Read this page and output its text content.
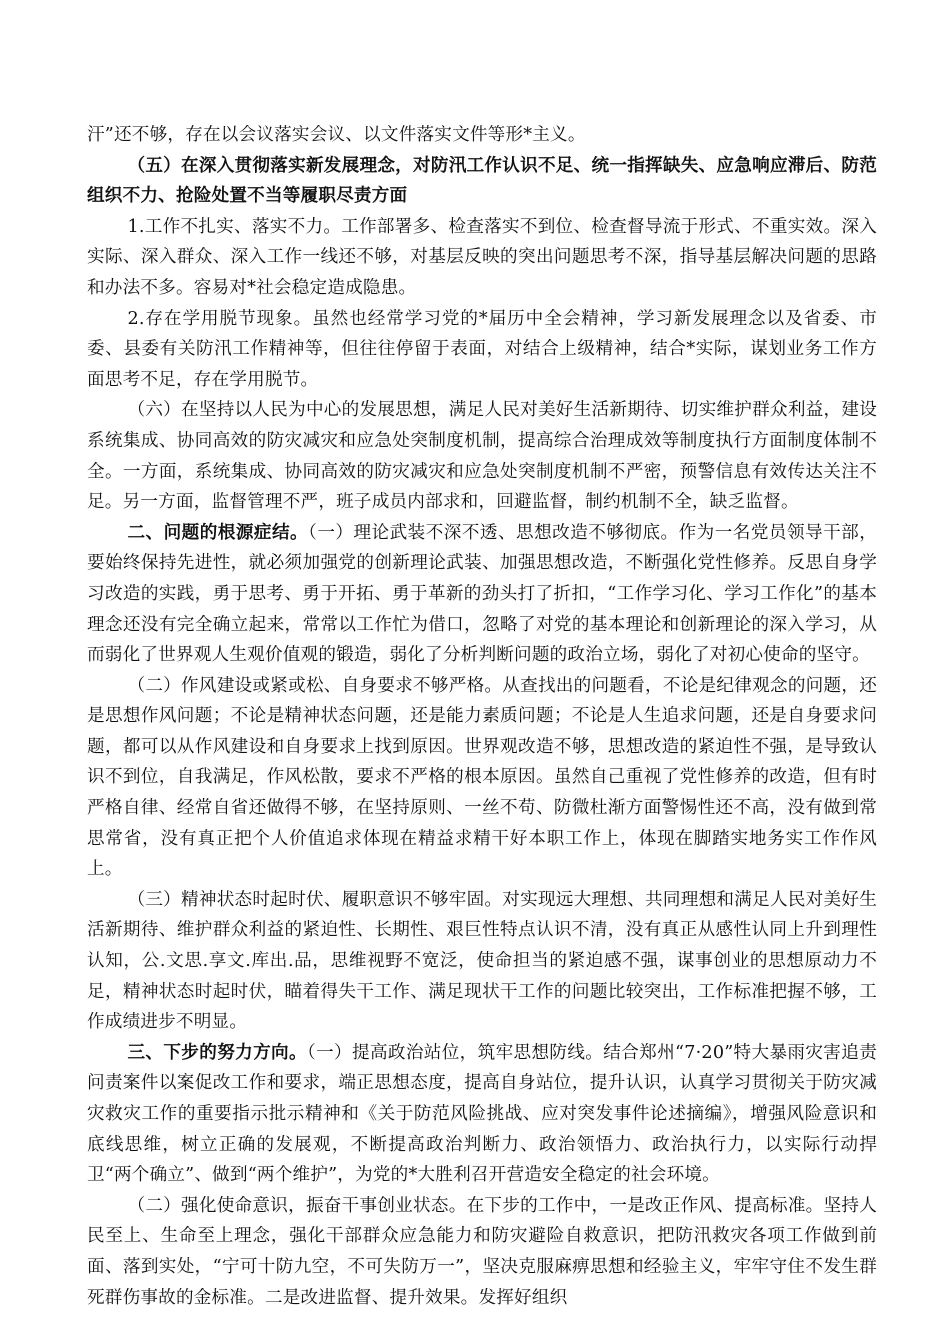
汗”还不够，存在以会议落实会议、以文件落实文件等形*主义。

（五）在深入贯彻落实新发展理念，对防汛工作认识不足、统一指挥缺失、应急响应滞后、防范组织不力、抢险处置不当等履职尽责方面

1.工作不扎实、落实不力。工作部署多、检查落实不到位、检查督导流于形式、不重实效。深入实际、深入群众、深入工作一线还不够，对基层反映的突出问题思考不深，指导基层解决问题的思路和办法不多。容易对*社会稳定造成隐患。

2.存在学用脱节现象。虽然也经常学习党的*届历中全会精神，学习新发展理念以及省委、市委、县委有关防汛工作精神等，但往往停留于表面，对结合上级精神，结合*实际，谋划业务工作方面思考不足，存在学用脱节。

（六）在坚持以人民为中心的发展思想，满足人民对美好生活新期待、切实维护群众利益，建设系统集成、协同高效的防灾减灾和应急处突制度机制，提高综合治理成效等制度执行方面制度体制不全。一方面，系统集成、协同高效的防灾减灾和应急处突制度机制不严密，预警信息有效传达关注不足。另一方面，监督管理不严，班子成员内部求和，回避监督，制约机制不全，缺乏监督。

二、问题的根源症结。（一）理论武装不深不透、思想改造不够彻底。作为一名党员领导干部，要始终保持先进性，就必须加强党的创新理论武装、加强思想改造，不断强化党性修养。反思自身学习改造的实践，勇于思考、勇于开拓、勇于革新的劲头打了折扣，“工作学习化、学习工作化”的基本理念还没有完全确立起来，常常以工作忙为借口，忽略了对党的基本理论和创新理论的深入学习，从而弱化了世界观人生观价值观的锻造，弱化了分析判断问题的政治立场，弱化了对初心使命的坚守。

（二）作风建设或紧或松、自身要求不够严格。从查找出的问题看，不论是纪律观念的问题，还是思想作风问题；不论是精神状态问题，还是能力素质问题；不论是人生追求问题，还是自身要求问题，都可以从作风建设和自身要求上找到原因。世界观改造不够，思想改造的紧迫性不强，是导致认识不到位，自我满足，作风松散，要求不严格的根本原因。虽然自己重视了党性修养的改造，但有时严格自律、经常自省还做得不够，在坚持原则、一丝不苟、防微杜渐方面警惕性还不高，没有做到常思常省，没有真正把个人价值追求体现在精益求精干好本职工作上，体现在脚踏实地务实工作作风上。

（三）精神状态时起时伏、履职意识不够牢固。对实现远大理想、共同理想和满足人民对美好生活新期待、维护群众利益的紧迫性、长期性、艰巨性特点认识不清，没有真正从感性认同上升到理性认知，公.文思.享文.库出.品，思维视野不宽泛，使命担当的紧迫感不强，谋事创业的思想原动力不足，精神状态时起时伏，瞄着得失干工作、满足现状干工作的问题比较突出，工作标准把握不够，工作成绩进步不明显。

三、下步的努力方向。（一）提高政治站位，筑牢思想防线。结合郑州“7·20”特大暴雨灾害追责问责案件以案促改工作和要求，端正思想态度，提高自身站位，提升认识，认真学习贯彻关于防灾减灾救灾工作的重要指示批示精神和《关于防范风险挑战、应对突发事件论述摘编》，增强风险意识和底线思维，树立正确的发展观，不断提高政治判断力、政治领悟力、政治执行力，以实际行动捍卫“两个确立”、做到“两个维护”，为党的*大胜利召开营造安全稳定的社会环境。

（二）强化使命意识，振奋干事创业状态。在下步的工作中，一是改正作风、提高标准。坚持人民至上、生命至上理念，强化干部群众应急能力和防灾避险自救意识，把防汛救灾各项工作做到前面、落到实处，“宁可十防九空，不可失防万一”，坚决克服麻痹思想和经验主义，牢牢守住不发生群死群伤事故的金标准。二是改进监督、提升效果。发挥好组织
